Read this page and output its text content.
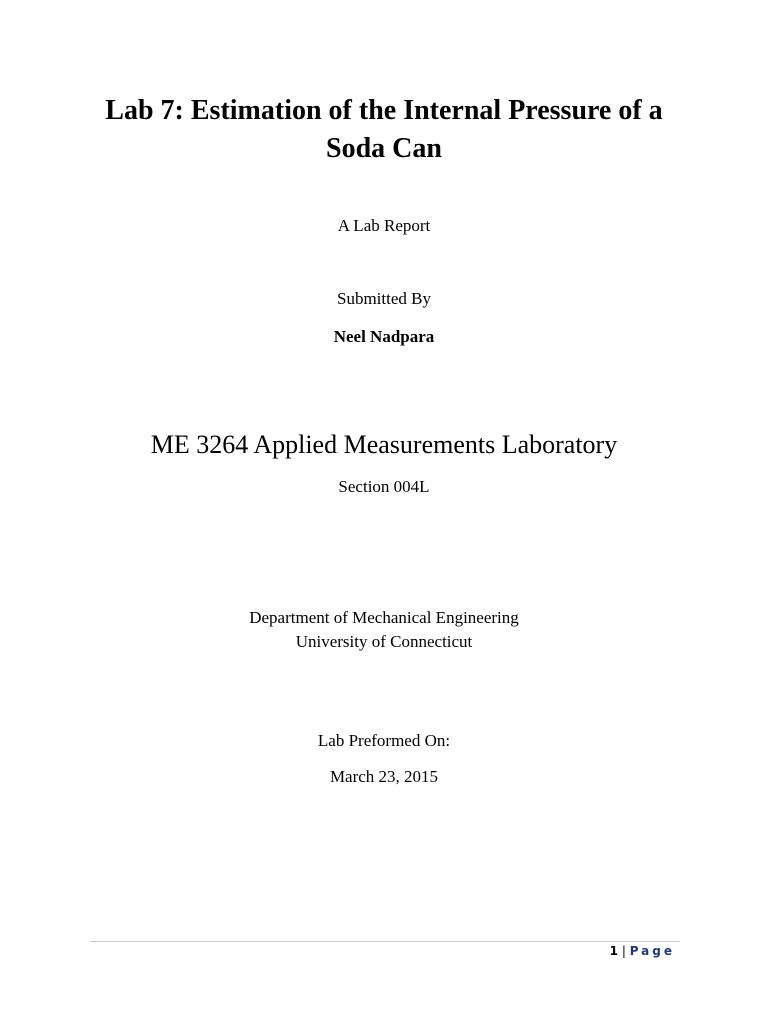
Lab 7: Estimation of the Internal Pressure of a Soda Can
A Lab Report
Submitted By
Neel Nadpara
ME 3264 Applied Measurements Laboratory
Section 004L
Department of Mechanical Engineering
University of Connecticut
Lab Preformed On:
March 23, 2015
1 | Page
